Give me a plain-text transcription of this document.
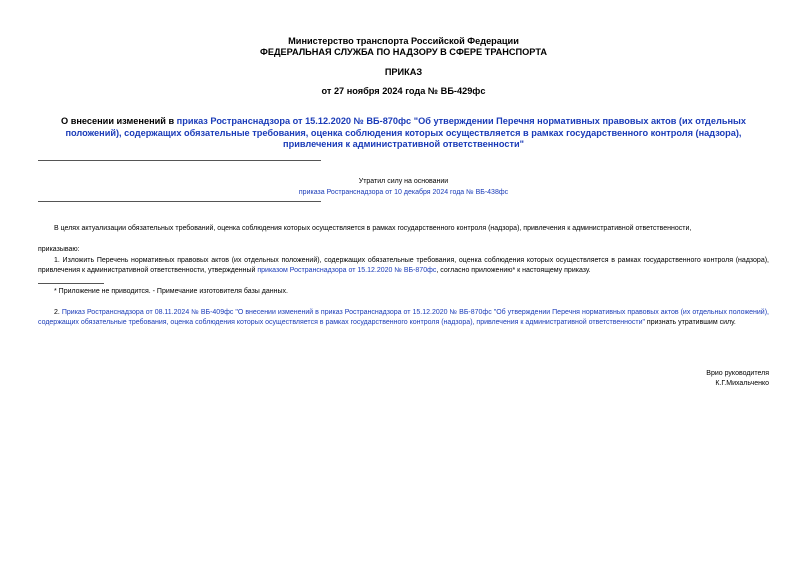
Министерство транспорта Российской Федерации
ФЕДЕРАЛЬНАЯ СЛУЖБА ПО НАДЗОРУ В СФЕРЕ ТРАНСПОРТА
ПРИКАЗ
от 27 ноября 2024 года № ВБ-429фс
О внесении изменений в приказ Ространснадзора от 15.12.2020 № ВБ-870фс "Об утверждении Перечня нормативных правовых актов (их отдельных положений), содержащих обязательные требования, оценка соблюдения которых осуществляется в рамках государственного контроля (надзора), привлечения к административной ответственности"
Утратил силу на основании
приказа Ространснадзора от 10 декабря 2024 года № ВБ-438фс
В целях актуализации обязательных требований, оценка соблюдения которых осуществляется в рамках государственного контроля (надзора), привлечения к административной ответственности,
приказываю:
1. Изложить Перечень нормативных правовых актов (их отдельных положений), содержащих обязательные требования, оценка соблюдения которых осуществляется в рамках государственного контроля (надзора), привлечения к административной ответственности, утвержденный приказом Ространснадзора от 15.12.2020 № ВБ-870фс, согласно приложению* к настоящему приказу.
* Приложение не приводится. - Примечание изготовителя базы данных.
2. Приказ Ространснадзора от 08.11.2024 № ВБ-409фс "О внесении изменений в приказ Ространснадзора от 15.12.2020 № ВБ-870фс "Об утверждении Перечня нормативных правовых актов (их отдельных положений), содержащих обязательные требования, оценка соблюдения которых осуществляется в рамках государственного контроля (надзора), привлечения к административной ответственности" признать утратившим силу.
Врио руководителя
К.Г.Михальченко
